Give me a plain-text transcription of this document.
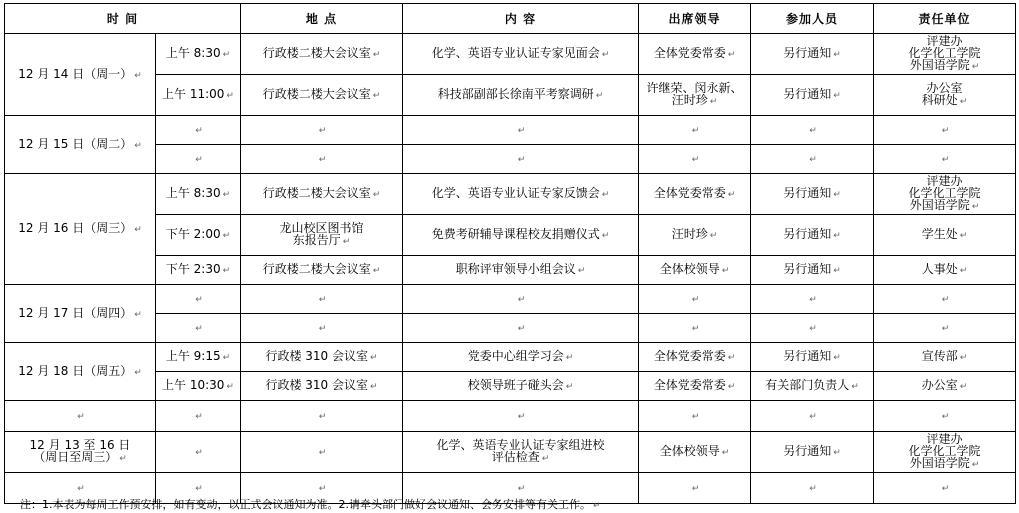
时 间		地 点	内 容	出席领导	参加人员	责任单位
12 月 14 日（周一） ↵	上午 8:30 ↵	行政楼二楼大会议室 ↵	化学、英语专业认证专家见面会 ↵	全体党委常委 ↵	另行通知 ↵	评建办
化学化工学院
外国语学院 ↵
	上午 11:00 ↵	行政楼二楼大会议室 ↵	科技部副部长徐南平考察调研 ↵	许继荣、闵永新、
汪时珍 ↵	另行通知 ↵	办公室
科研处 ↵
12 月 15 日（周二） ↵	↵	↵	↵	↵	↵	↵
	↵	↵	↵	↵	↵	↵
12 月 16 日（周三） ↵	上午 8:30 ↵	行政楼二楼大会议室 ↵	化学、英语专业认证专家反馈会 ↵	全体党委常委 ↵	另行通知 ↵	评建办
化学化工学院
外国语学院 ↵
	下午 2:00 ↵	龙山校区图书馆
东报告厅 ↵	免费考研辅导课程校友捐赠仪式 ↵	汪时珍 ↵	另行通知 ↵	学生处 ↵
	下午 2:30 ↵	行政楼二楼大会议室 ↵	职称评审领导小组会议 ↵	全体校领导 ↵	另行通知 ↵	人事处 ↵
12 月 17 日（周四） ↵	↵	↵	↵	↵	↵	↵
	↵	↵	↵	↵	↵	↵
12 月 18 日（周五） ↵	上午 9:15 ↵	行政楼 310 会议室 ↵	党委中心组学习会 ↵	全体党委常委 ↵	另行通知 ↵	宣传部 ↵
	上午 10:30 ↵	行政楼 310 会议室 ↵	校领导班子碰头会 ↵	全体党委常委 ↵	有关部门负责人 ↵	办公室 ↵
↵	↵	↵	↵	↵	↵	↵
12 月 13 至 16 日
（周日至周三） ↵	↵	↵	化学、英语专业认证专家组进校
评估检查 ↵	全体校领导 ↵	另行通知 ↵	评建办
化学化工学院
外国语学院 ↵
↵	↵	↵	↵	↵	↵	↵
注：1.本表为每周工作预安排，如有变动，以正式会议通知为准。2.请牵头部门做好会议通知、会务安排等有关工作。 ↵
